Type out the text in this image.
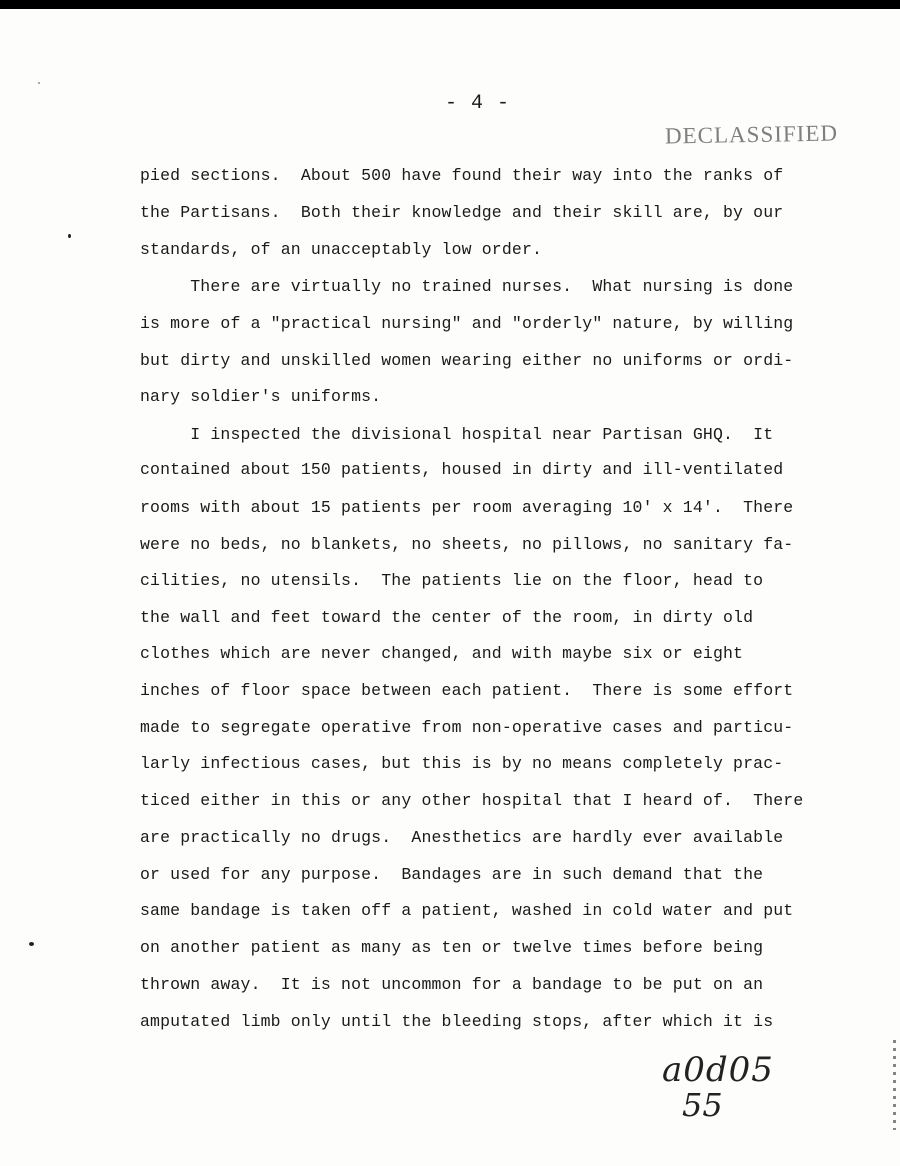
- 4 -
DECLASSIFIED
pied sections.  About 500 have found their way into the ranks of
the Partisans.  Both their knowledge and their skill are, by our
standards, of an unacceptably low order.
There are virtually no trained nurses.  What nursing is done
is more of a "practical nursing" and "orderly" nature, by willing
but dirty and unskilled women wearing either no uniforms or ordi-
nary soldier's uniforms.
I inspected the divisional hospital near Partisan GHQ.  It
contained about 150 patients, housed in dirty and ill-ventilated
rooms with about 15 patients per room averaging 10' x 14'.  There
were no beds, no blankets, no sheets, no pillows, no sanitary fa-
cilities, no utensils.  The patients lie on the floor, head to
the wall and feet toward the center of the room, in dirty old
clothes which are never changed, and with maybe six or eight
inches of floor space between each patient.  There is some effort
made to segregate operative from non-operative cases and particu-
larly infectious cases, but this is by no means completely prac-
ticed either in this or any other hospital that I heard of.  There
are practically no drugs.  Anesthetics are hardly ever available
or used for any purpose.  Bandages are in such demand that the
same bandage is taken off a patient, washed in cold water and put
on another patient as many as ten or twelve times before being
thrown away.  It is not uncommon for a bandage to be put on an
amputated limb only until the bleeding stops, after which it is
a0d05
55
